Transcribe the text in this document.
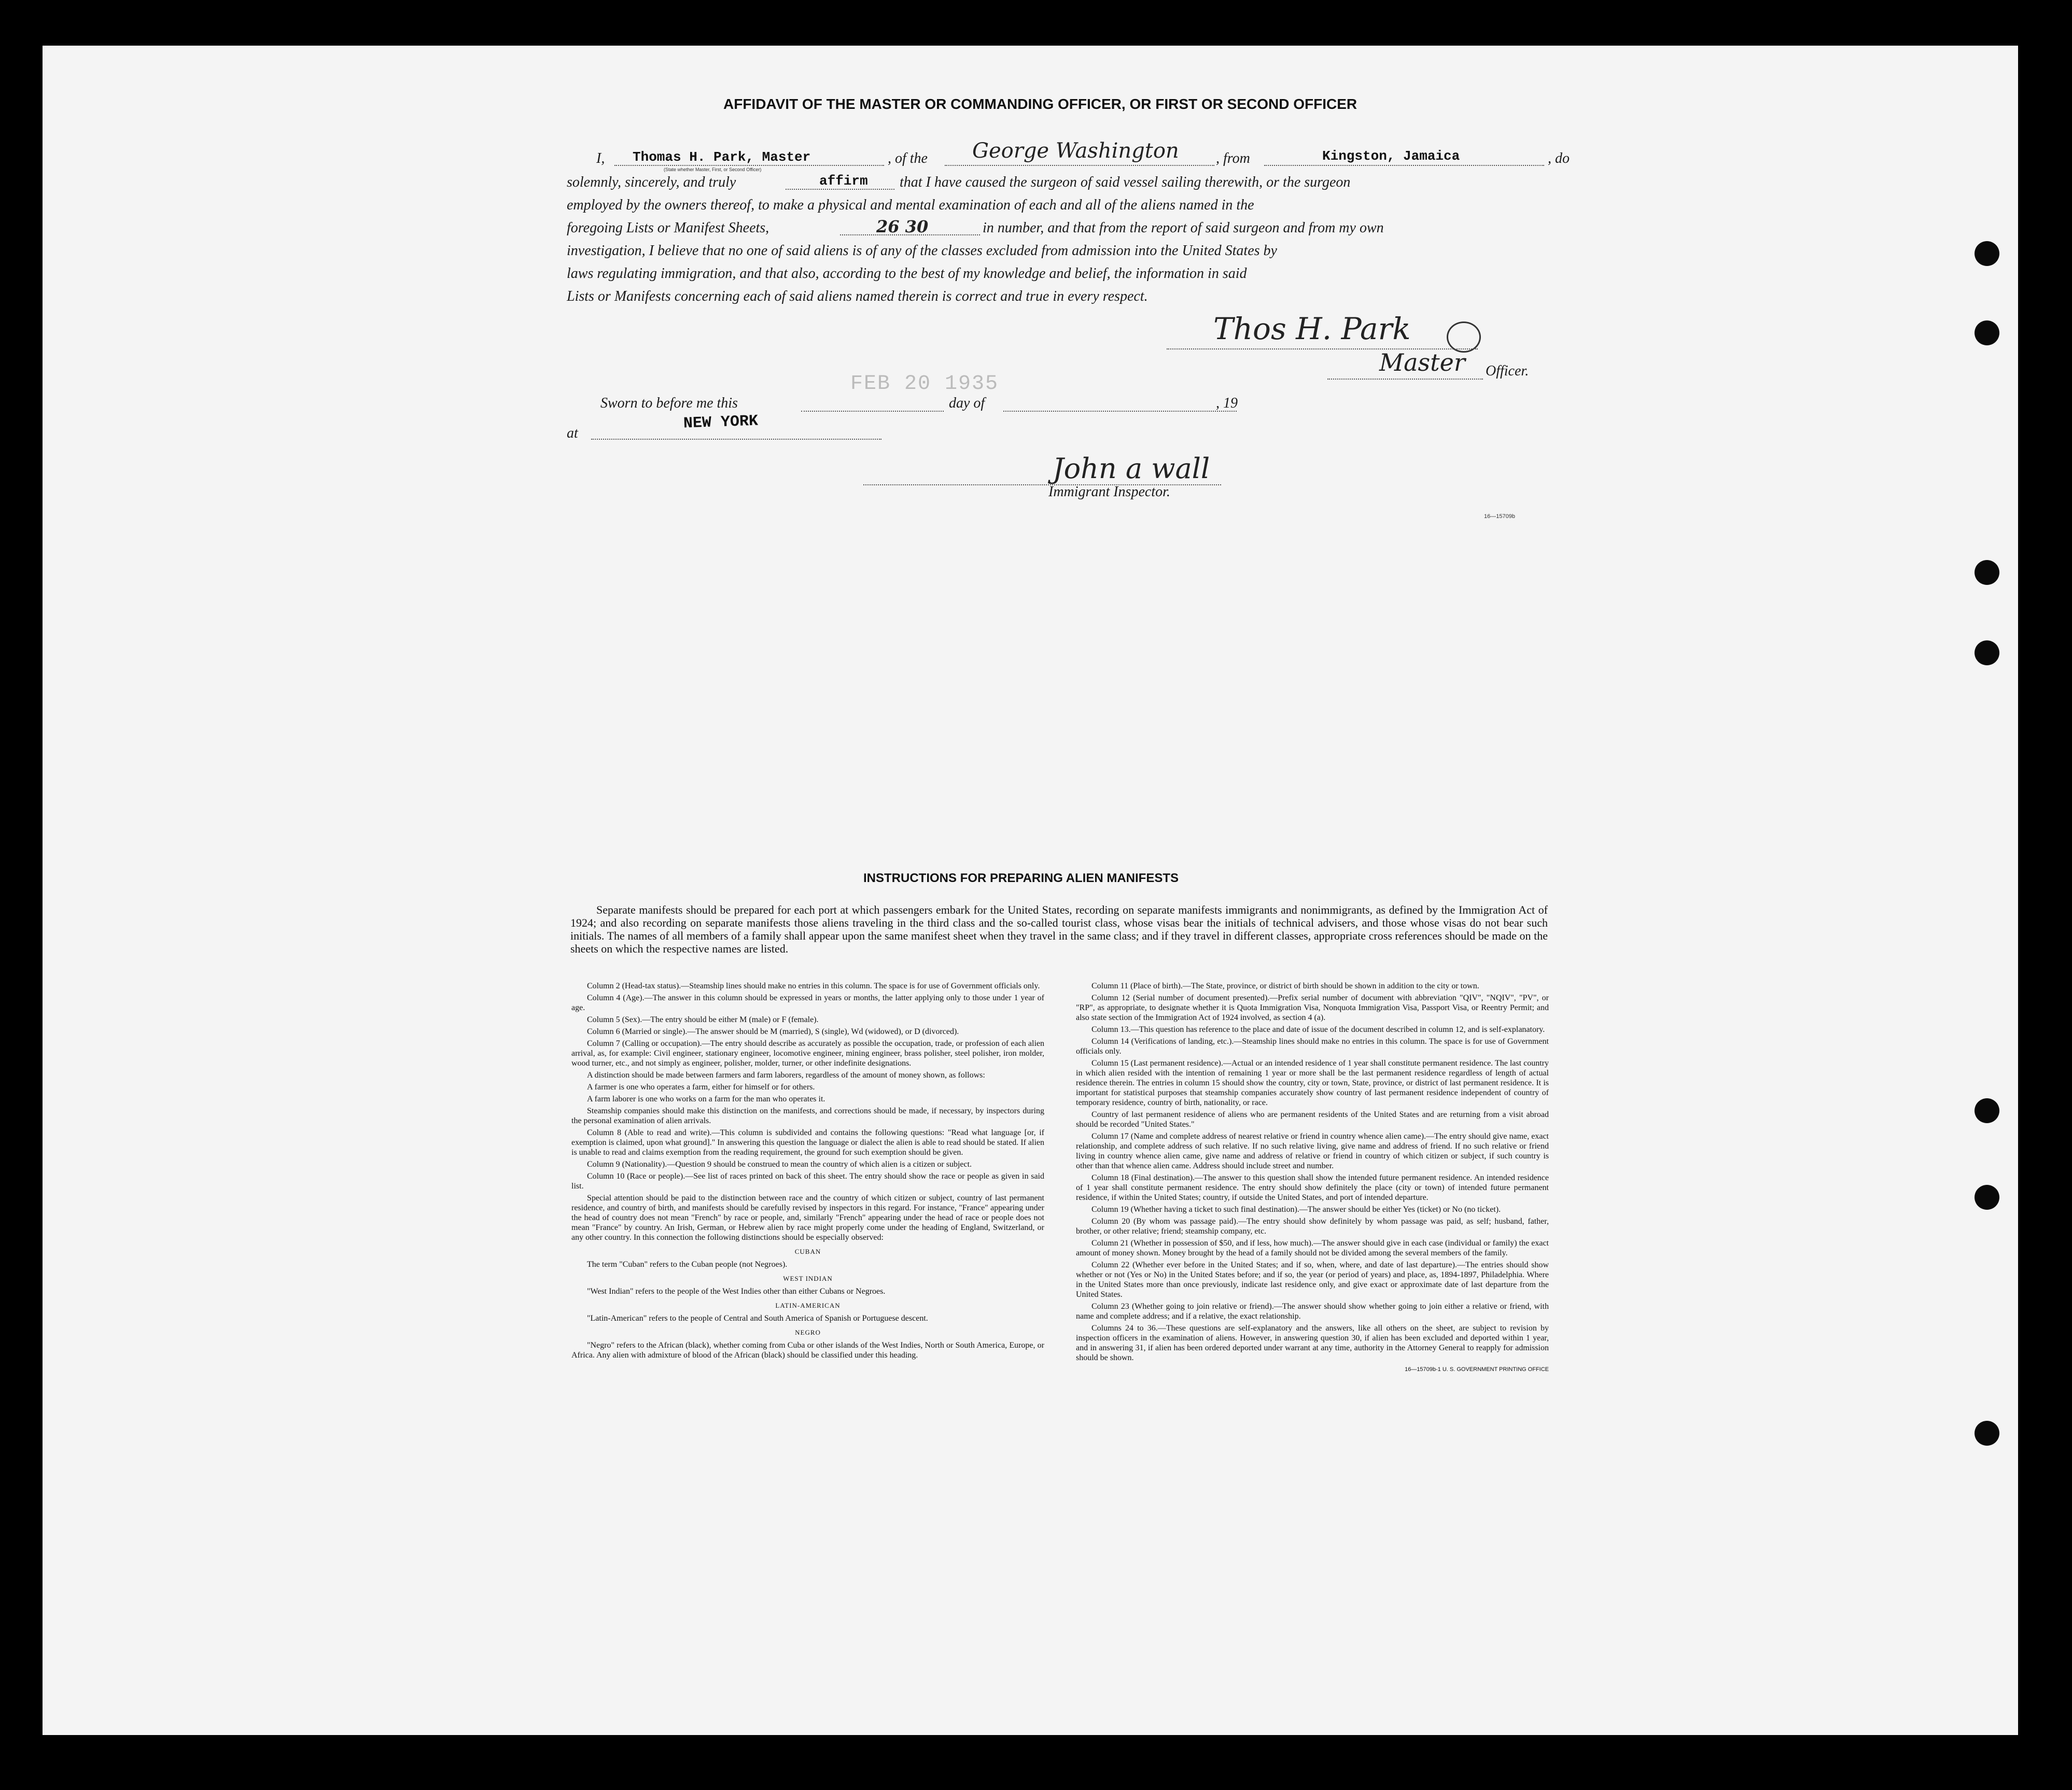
AFFIDAVIT OF THE MASTER OR COMMANDING OFFICER, OR FIRST OR SECOND OFFICER
I, Thomas H. Park, Master
(State whether Master, First, or Second Officer)
, of the George Washington	, from	Kingston, Jamaica	, do
solemnly, sincerely, and truly	affirm that I have caused the surgeon of said vessel sailing therewith, or the surgeon
employed by the owners thereof, to make a physical and mental examination of each and all of the aliens named in the
foregoing Lists or Manifest Sheets,	26 30	in number, and that from the report of said surgeon and from my own
investigation, I believe that no one of said aliens is of any of the classes excluded from admission into the United States by
laws regulating immigration, and that also, according to the best of my knowledge and belief, the information in said
Lists or Manifests concerning each of said aliens named therein is correct and true in every respect.
Thos H. Park
Master Officer.
Sworn to before me this
FEB 20 1935
day of	, 19
at
NEW YORK
John a wall
Immigrant Inspector.
16—15709b
INSTRUCTIONS FOR PREPARING ALIEN MANIFESTS
Separate manifests should be prepared for each port at which passengers embark for the United States, recording on separate manifests immigrants and nonimmigrants, as defined by the Immigration Act of 1924; and also recording on separate manifests those aliens traveling in the third class and the so-called tourist class, whose visas bear the initials of technical advisers, and those whose visas do not bear such initials. The names of all members of a family shall appear upon the same manifest sheet when they travel in the same class; and if they travel in different classes, appropriate cross references should be made on the sheets on which the respective names are listed.

Column 2 (Head-tax status).—Steamship lines should make no entries in this column. The space is for use of Government officials only.

Column 4 (Age).—The answer in this column should be expressed in years or months, the latter applying only to those under 1 year of age.

Column 5 (Sex).—The entry should be either M (male) or F (female).

Column 6 (Married or single).—The answer should be M (married), S (single), Wd (widowed), or D (divorced).

Column 7 (Calling or occupation).—The entry should describe as accurately as possible the occupation, trade, or profession of each alien arrival, as, for example: Civil engineer, stationary engineer, locomotive engineer, mining engineer, brass polisher, steel polisher, iron molder, wood turner, etc., and not simply as engineer, polisher, molder, turner, or other indefinite designations.

A distinction should be made between farmers and farm laborers, regardless of the amount of money shown, as follows:

A farmer is one who operates a farm, either for himself or for others.

A farm laborer is one who works on a farm for the man who operates it.

Steamship companies should make this distinction on the manifests, and corrections should be made, if necessary, by inspectors during the personal examination of alien arrivals.

Column 8 (Able to read and write).—This column is subdivided and contains the following questions: "Read what language [or, if exemption is claimed, upon what ground]." In answering this question the language or dialect the alien is able to read should be stated. If alien is unable to read and claims exemption from the reading requirement, the ground for such exemption should be given.

Column 9 (Nationality).—Question 9 should be construed to mean the country of which alien is a citizen or subject.

Column 10 (Race or people).—See list of races printed on back of this sheet. The entry should show the race or people as given in said list.

Special attention should be paid to the distinction between race and the country of which citizen or subject, country of last permanent residence, and country of birth, and manifests should be carefully revised by inspectors in this regard. For instance, "France" appearing under the head of country does not mean "French" by race or people, and, similarly "French" appearing under the head of race or people does not mean "France" by country. An Irish, German, or Hebrew alien by race might properly come under the heading of England, Switzerland, or any other country. In this connection the following distinctions should be especially observed:

CUBAN

The term "Cuban" refers to the Cuban people (not Negroes).

WEST INDIAN

"West Indian" refers to the people of the West Indies other than either Cubans or Negroes.

LATIN-AMERICAN

"Latin-American" refers to the people of Central and South America of Spanish or Portuguese descent.

NEGRO

"Negro" refers to the African (black), whether coming from Cuba or other islands of the West Indies, North or South America, Europe, or Africa. Any alien with admixture of blood of the African (black) should be classified under this heading.

Column 11 (Place of birth).—The State, province, or district of birth should be shown in addition to the city or town.

Column 12 (Serial number of document presented).—Prefix serial number of document with abbreviation "QIV", "NQIV", "PV", or "RP", as appropriate, to designate whether it is Quota Immigration Visa, Nonquota Immigration Visa, Passport Visa, or Reentry Permit; and also state section of the Immigration Act of 1924 involved, as section 4 (a).

Column 13.—This question has reference to the place and date of issue of the document described in column 12, and is self-explanatory.

Column 14 (Verifications of landing, etc.).—Steamship lines should make no entries in this column. The space is for use of Government officials only.

Column 15 (Last permanent residence).—Actual or an intended residence of 1 year shall constitute permanent residence. The last country in which alien resided with the intention of remaining 1 year or more shall be the last permanent residence regardless of length of actual residence therein. The entries in column 15 should show the country, city or town, State, province, or district of last permanent residence. It is important for statistical purposes that steamship companies accurately show country of last permanent residence independent of country of temporary residence, country of birth, nationality, or race.

Country of last permanent residence of aliens who are permanent residents of the United States and are returning from a visit abroad should be recorded "United States."

Column 17 (Name and complete address of nearest relative or friend in country whence alien came).—The entry should give name, exact relationship, and complete address of such relative. If no such relative living, give name and address of friend. If no such relative or friend living in country whence alien came, give name and address of relative or friend in country of which citizen or subject, if such country is other than that whence alien came. Address should include street and number.

Column 18 (Final destination).—The answer to this question shall show the intended future permanent residence. An intended residence of 1 year shall constitute permanent residence. The entry should show definitely the place (city or town) of intended future permanent residence, if within the United States; country, if outside the United States, and port of intended departure.

Column 19 (Whether having a ticket to such final destination).—The answer should be either Yes (ticket) or No (no ticket).

Column 20 (By whom was passage paid).—The entry should show definitely by whom passage was paid, as self; husband, father, brother, or other relative; friend; steamship company, etc.

Column 21 (Whether in possession of $50, and if less, how much).—The answer should give in each case (individual or family) the exact amount of money shown. Money brought by the head of a family should not be divided among the several members of the family.

Column 22 (Whether ever before in the United States; and if so, when, where, and date of last departure).—The entries should show whether or not (Yes or No) in the United States before; and if so, the year (or period of years) and place, as, 1894-1897, Philadelphia. Where in the United States more than once previously, indicate last residence only, and give exact or approximate date of last departure from the United States.

Column 23 (Whether going to join relative or friend).—The answer should show whether going to join either a relative or friend, with name and complete address; and if a relative, the exact relationship.

Columns 24 to 36.—These questions are self-explanatory and the answers, like all others on the sheet, are subject to revision by inspection officers in the examination of aliens. However, in answering question 30, if alien has been excluded and deported within 1 year, and in answering 31, if alien has been ordered deported under warrant at any time, authority in the Attorney General to reapply for admission should be shown.

16—15709b-1 U. S. GOVERNMENT PRINTING OFFICE
